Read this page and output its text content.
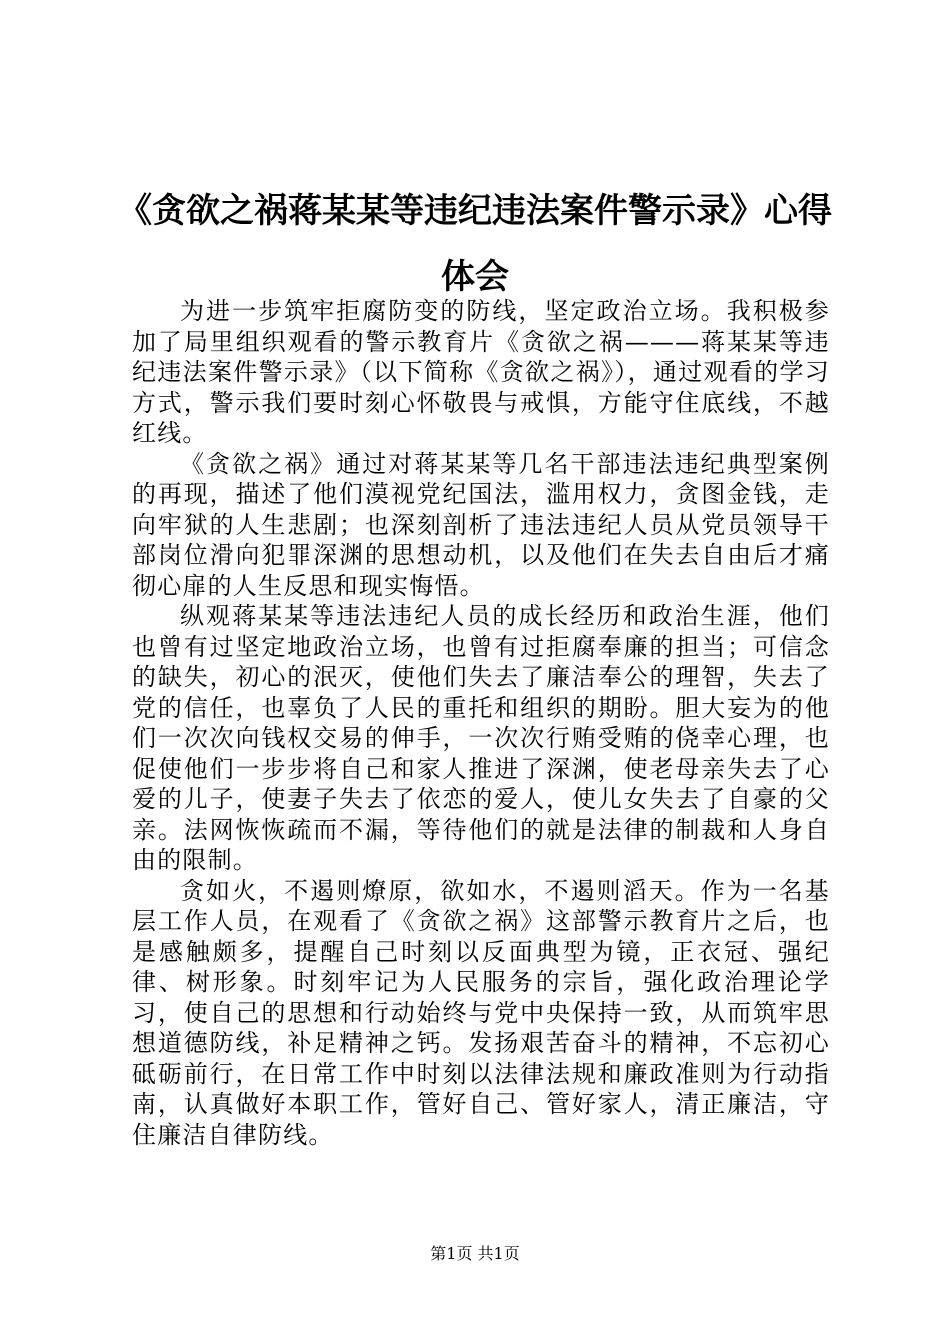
《贪欲之祸蒋某某等违纪违法案件警示录》心得体会

为进一步筑牢拒腐防变的防线，坚定政治立场。我积极参加了局里组织观看的警示教育片《贪欲之祸———蒋某某等违纪违法案件警示录》（以下简称《贪欲之祸》），通过观看的学习方式，警示我们要时刻心怀敬畏与戒惧，方能守住底线，不越红线。

《贪欲之祸》通过对蒋某某等几名干部违法违纪典型案例的再现，描述了他们漠视党纪国法，滥用权力，贪图金钱，走向牢狱的人生悲剧；也深刻剖析了违法违纪人员从党员领导干部岗位滑向犯罪深渊的思想动机，以及他们在失去自由后才痛彻心扉的人生反思和现实悔悟。

纵观蒋某某等违法违纪人员的成长经历和政治生涯，他们也曾有过坚定地政治立场，也曾有过拒腐奉廉的担当；可信念的缺失，初心的泯灭，使他们失去了廉洁奉公的理智，失去了党的信任，也辜负了人民的重托和组织的期盼。胆大妄为的他们一次次向钱权交易的伸手，一次次行贿受贿的侥幸心理，也促使他们一步步将自己和家人推进了深渊，使老母亲失去了心爱的儿子，使妻子失去了依恋的爱人，使儿女失去了自豪的父亲。法网恢恢疏而不漏，等待他们的就是法律的制裁和人身自由的限制。

贪如火，不遏则燎原，欲如水，不遏则滔天。作为一名基层工作人员，在观看了《贪欲之祸》这部警示教育片之后，也是感触颇多，提醒自己时刻以反面典型为镜，正衣冠、强纪律、树形象。时刻牢记为人民服务的宗旨，强化政治理论学习，使自己的思想和行动始终与党中央保持一致，从而筑牢思想道德防线，补足精神之钙。发扬艰苦奋斗的精神，不忘初心砥砺前行，在日常工作中时刻以法律法规和廉政准则为行动指南，认真做好本职工作，管好自己、管好家人，清正廉洁，守住廉洁自律防线。

第1页 共1页
